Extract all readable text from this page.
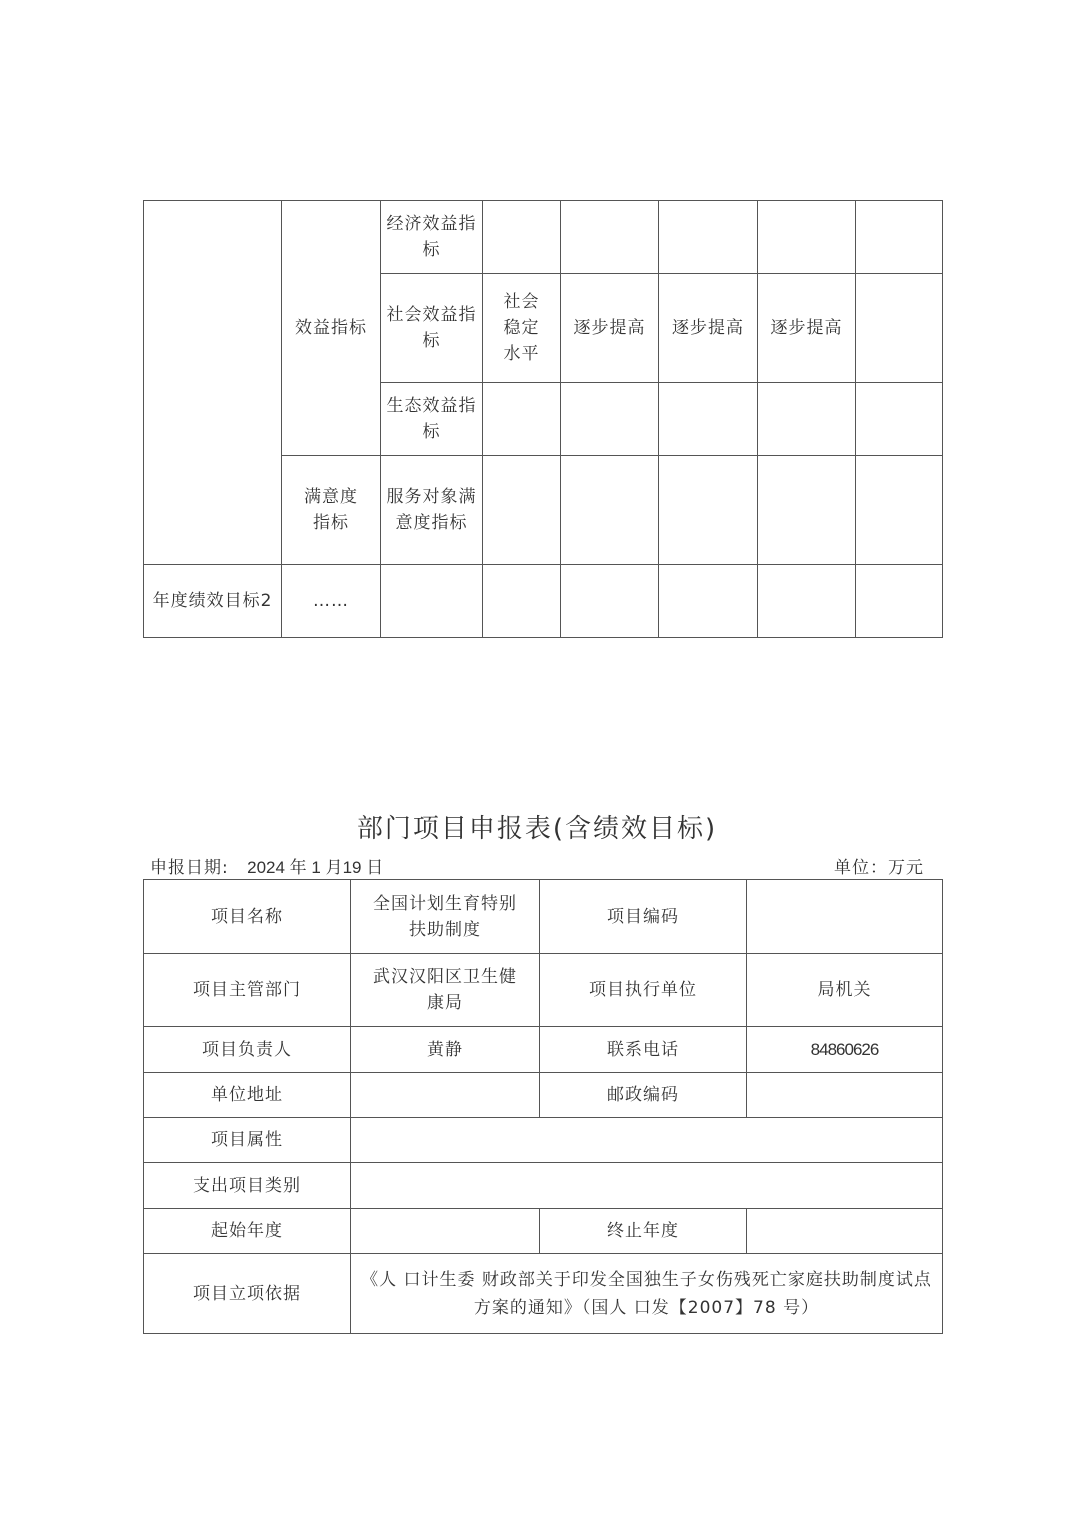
	效益指标	经济效益指标					
		社会效益指标	社会稳定水平	逐步提高	逐步提高	逐步提高	
		生态效益指标					
	满意度指标	服务对象满意度指标					
年度绩效目标2	……						
部门项目申报表(含绩效目标)
申报日期: 2024 年 1 月19 日	单位：万元
项目名称	全国计划生育特别扶助制度	项目编码	
项目主管部门	武汉汉阳区卫生健康局	项目执行单位	局机关
项目负责人	黄静	联系电话	84860626
单位地址		邮政编码	
项目属性			
支出项目类别			
起始年度		终止年度	
项目立项依据	《人 口计生委 财政部关于印发全国独生子女伤残死亡家庭扶助制度试点方案的通知》（国人 口发【2007】78 号）		
